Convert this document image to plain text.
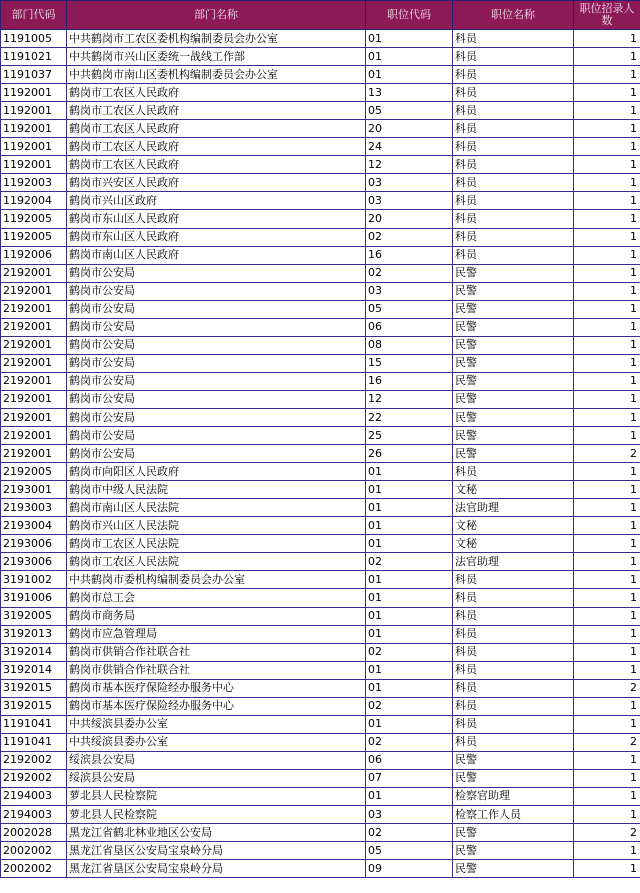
部门代码	部门名称	职位代码	职位名称	职位招录人数
1191005	中共鹤岗市工农区委机构编制委员会办公室	01	科员	1
1191021	中共鹤岗市兴山区委统一战线工作部	01	科员	1
1191037	中共鹤岗市南山区委机构编制委员会办公室	01	科员	1
1192001	鹤岗市工农区人民政府	13	科员	1
1192001	鹤岗市工农区人民政府	05	科员	1
1192001	鹤岗市工农区人民政府	20	科员	1
1192001	鹤岗市工农区人民政府	24	科员	1
1192001	鹤岗市工农区人民政府	12	科员	1
1192003	鹤岗市兴安区人民政府	03	科员	1
1192004	鹤岗市兴山区政府	03	科员	1
1192005	鹤岗市东山区人民政府	20	科员	1
1192005	鹤岗市东山区人民政府	02	科员	1
1192006	鹤岗市南山区人民政府	16	科员	1
2192001	鹤岗市公安局	02	民警	1
2192001	鹤岗市公安局	03	民警	1
2192001	鹤岗市公安局	05	民警	1
2192001	鹤岗市公安局	06	民警	1
2192001	鹤岗市公安局	08	民警	1
2192001	鹤岗市公安局	15	民警	1
2192001	鹤岗市公安局	16	民警	1
2192001	鹤岗市公安局	12	民警	1
2192001	鹤岗市公安局	22	民警	1
2192001	鹤岗市公安局	25	民警	1
2192001	鹤岗市公安局	26	民警	2
2192005	鹤岗市向阳区人民政府	01	科员	1
2193001	鹤岗市中级人民法院	01	文秘	1
2193003	鹤岗市南山区人民法院	01	法官助理	1
2193004	鹤岗市兴山区人民法院	01	文秘	1
2193006	鹤岗市工农区人民法院	01	文秘	1
2193006	鹤岗市工农区人民法院	02	法官助理	1
3191002	中共鹤岗市委机构编制委员会办公室	01	科员	1
3191006	鹤岗市总工会	01	科员	1
3192005	鹤岗市商务局	01	科员	1
3192013	鹤岗市应急管理局	01	科员	1
3192014	鹤岗市供销合作社联合社	02	科员	1
3192014	鹤岗市供销合作社联合社	01	科员	1
3192015	鹤岗市基本医疗保险经办服务中心	01	科员	2
3192015	鹤岗市基本医疗保险经办服务中心	02	科员	1
1191041	中共绥滨县委办公室	01	科员	1
1191041	中共绥滨县委办公室	02	科员	2
2192002	绥滨县公安局	06	民警	1
2192002	绥滨县公安局	07	民警	1
2194003	萝北县人民检察院	01	检察官助理	1
2194003	萝北县人民检察院	03	检察工作人员	1
2002028	黑龙江省鹤北林业地区公安局	02	民警	2
2002002	黑龙江省垦区公安局宝泉岭分局	05	民警	1
2002002	黑龙江省垦区公安局宝泉岭分局	09	民警	1
